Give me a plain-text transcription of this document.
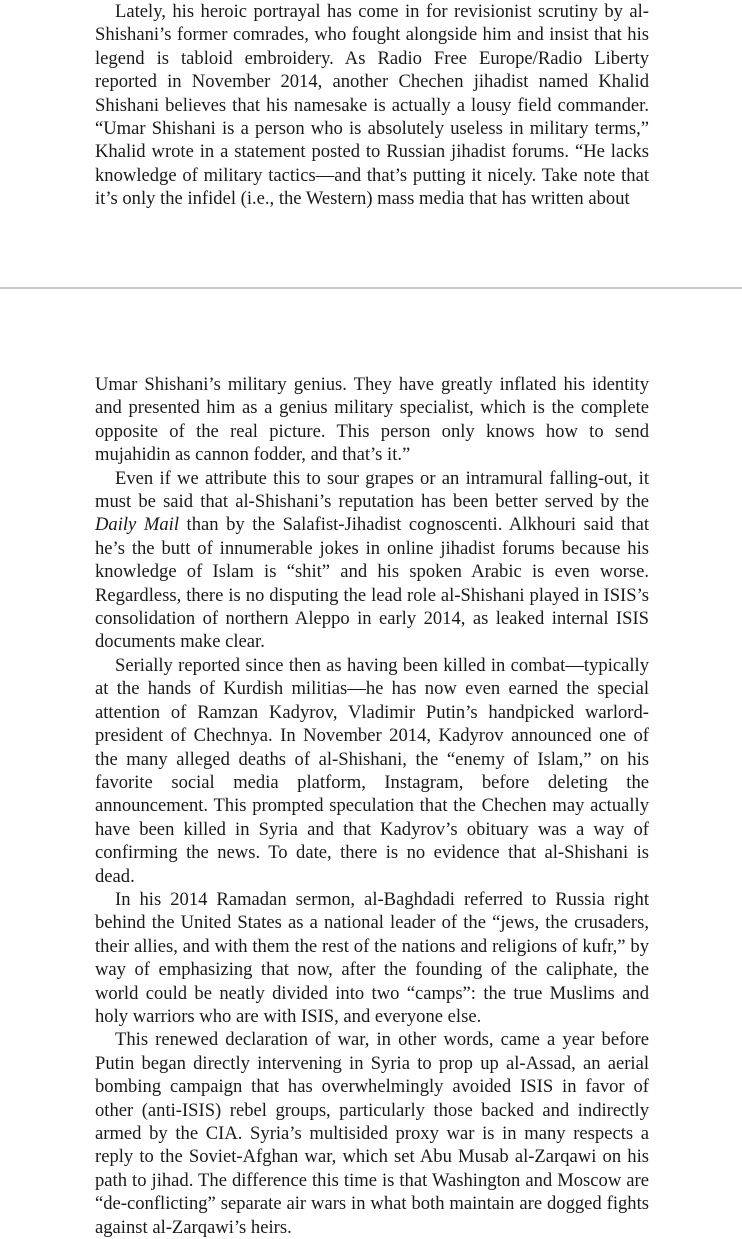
Lately, his heroic portrayal has come in for revisionist scrutiny by al-Shishani’s former comrades, who fought alongside him and insist that his legend is tabloid embroidery. As Radio Free Europe/Radio Liberty reported in November 2014, another Chechen jihadist named Khalid Shishani believes that his namesake is actually a lousy field commander. “Umar Shishani is a person who is absolutely useless in military terms,” Khalid wrote in a statement posted to Russian jihadist forums. “He lacks knowledge of military tactics—and that’s putting it nicely. Take note that it’s only the infidel (i.e., the Western) mass media that has written about

Umar Shishani’s military genius. They have greatly inflated his identity and presented him as a genius military specialist, which is the complete opposite of the real picture. This person only knows how to send mujahidin as cannon fodder, and that’s it.”

Even if we attribute this to sour grapes or an intramural falling-out, it must be said that al-Shishani’s reputation has been better served by the Daily Mail than by the Salafist-Jihadist cognoscenti. Alkhouri said that he’s the butt of innumerable jokes in online jihadist forums because his knowledge of Islam is “shit” and his spoken Arabic is even worse. Regardless, there is no disputing the lead role al-Shishani played in ISIS’s consolidation of northern Aleppo in early 2014, as leaked internal ISIS documents make clear.

Serially reported since then as having been killed in combat—typically at the hands of Kurdish militias—he has now even earned the special attention of Ramzan Kadyrov, Vladimir Putin’s handpicked warlord-president of Chechnya. In November 2014, Kadyrov announced one of the many alleged deaths of al-Shishani, the “enemy of Islam,” on his favorite social media platform, Instagram, before deleting the announcement. This prompted speculation that the Chechen may actually have been killed in Syria and that Kadyrov’s obituary was a way of confirming the news. To date, there is no evidence that al-Shishani is dead.

In his 2014 Ramadan sermon, al-Baghdadi referred to Russia right behind the United States as a national leader of the “jews, the crusaders, their allies, and with them the rest of the nations and religions of kufr,” by way of emphasizing that now, after the founding of the caliphate, the world could be neatly divided into two “camps”: the true Muslims and holy warriors who are with ISIS, and everyone else.

This renewed declaration of war, in other words, came a year before Putin began directly intervening in Syria to prop up al-Assad, an aerial bombing campaign that has overwhelmingly avoided ISIS in favor of other (anti-ISIS) rebel groups, particularly those backed and indirectly armed by the CIA. Syria’s multisided proxy war is in many respects a reply to the Soviet-Afghan war, which set Abu Musab al-Zarqawi on his path to jihad. The difference this time is that Washington and Moscow are “de-conflicting” separate air wars in what both maintain are dogged fights against al-Zarqawi’s heirs.
